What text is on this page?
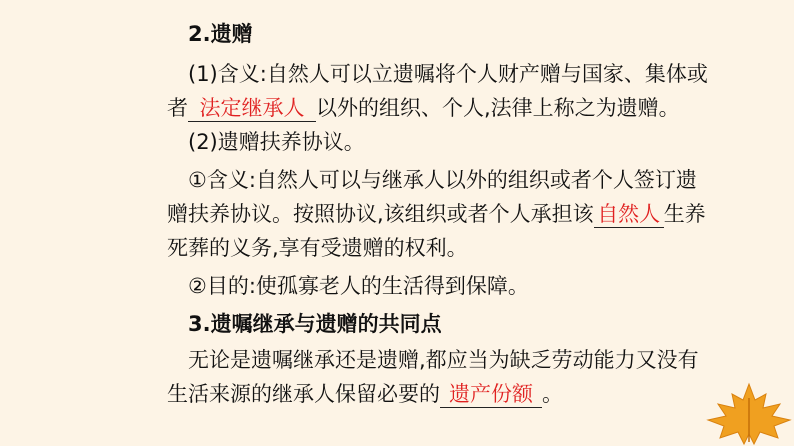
2.遗赠
(1)含义:自然人可以立遗嘱将个人财产赠与国家、集体或
者 法定继承人 以外的组织、个人,法律上称之为遗赠。
(2)遗赠扶养协议。
①含义:自然人可以与继承人以外的组织或者个人签订遗
赠扶养协议。按照协议,该组织或者个人承担该 自然人 生养
死葬的义务,享有受遗赠的权利。
②目的:使孤寡老人的生活得到保障。
3.遗嘱继承与遗赠的共同点
无论是遗嘱继承还是遗赠,都应当为缺乏劳动能力又没有
生活来源的继承人保留必要的 遗产份额 。
